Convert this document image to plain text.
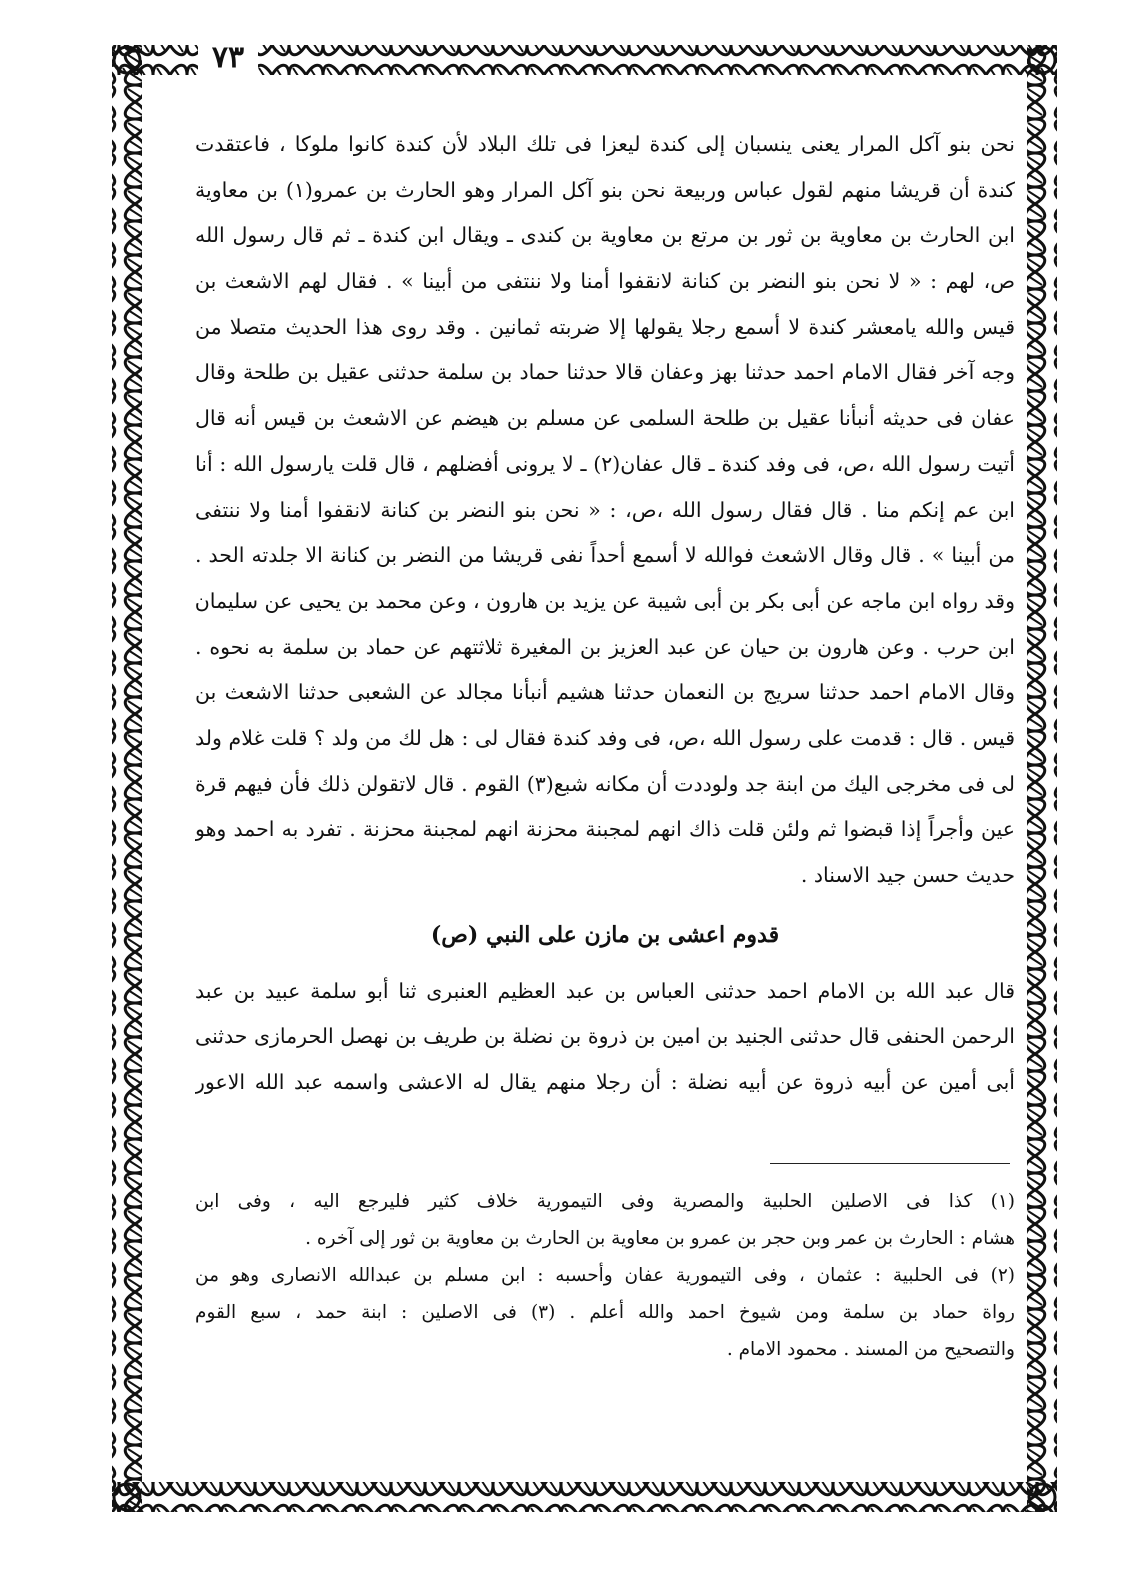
٧٣
نحن بنو آكل المرار يعنى ينسبان إلى كندة ليعزا فى تلك البلاد لأن كندة كانوا ملوكا ، فاعتقدت
كندة أن قريشا منهم لقول عباس وربيعة نحن بنو آكل المرار وهو الحارث بن عمرو(١) بن معاوية
ابن الحارث بن معاوية بن ثور بن مرتع بن معاوية بن كندى ـ ويقال ابن كندة ـ ثم قال رسول الله
ص، لهم : « لا نحن بنو النضر بن كنانة لانقفوا أمنا ولا ننتفى من أبينا » . فقال لهم الاشعث بن
قيس والله يامعشر كندة لا أسمع رجلا يقولها إلا ضربته ثمانين . وقد روى هذا الحديث متصلا من
وجه آخر فقال الامام احمد حدثنا بهز وعفان قالا حدثنا حماد بن سلمة حدثنى عقيل بن طلحة وقال
عفان فى حديثه أنبأنا عقيل بن طلحة السلمى عن مسلم بن هيضم عن الاشعث بن قيس أنه قال
أتيت رسول الله ،ص، فى وفد كندة ـ قال عفان(٢) ـ لا يرونى أفضلهم ، قال قلت يارسول الله : أنا
ابن عم إنكم منا . قال فقال رسول الله ،ص، : « نحن بنو النضر بن كنانة لانقفوا أمنا ولا ننتفى
من أبينا » . قال وقال الاشعث فوالله لا أسمع أحداً نفى قريشا من النضر بن كنانة الا جلدته الحد .
وقد رواه ابن ماجه عن أبى بكر بن أبى شيبة عن يزيد بن هارون ، وعن محمد بن يحيى عن سليمان
ابن حرب . وعن هارون بن حيان عن عبد العزيز بن المغيرة ثلاثتهم عن حماد بن سلمة به نحوه .
وقال الامام احمد حدثنا سريج بن النعمان حدثنا هشيم أنبأنا مجالد عن الشعبى حدثنا الاشعث بن
قيس . قال : قدمت على رسول الله ،ص، فى وفد كندة فقال لى : هل لك من ولد ؟ قلت غلام ولد
لى فى مخرجى اليك من ابنة جد ولوددت أن مكانه شبع(٣) القوم . قال لاتقولن ذلك فأن فيهم قرة
عين وأجراً إذا قبضوا ثم ولئن قلت ذاك انهم لمجبنة محزنة انهم لمجبنة محزنة . تفرد به احمد وهو
حديث حسن جيد الاسناد .
قدوم اعشى بن مازن على النبي (ص)
قال عبد الله بن الامام احمد حدثنى العباس بن عبد العظيم العنبرى ثنا أبو سلمة عبيد بن عبد
الرحمن الحنفى قال حدثنى الجنيد بن امين بن ذروة بن نضلة بن طريف بن نهصل الحرمازى حدثنى
أبى أمين عن أبيه ذروة عن أبيه نضلة : أن رجلا منهم يقال له الاعشى واسمه عبد الله الاعور
(١) كذا فى الاصلين الحلبية والمصرية وفى التيمورية خلاف كثير فليرجع اليه ، وفى ابن
هشام : الحارث بن عمر وبن حجر بن عمرو بن معاوية بن الحارث بن معاوية بن ثور إلى آخره .
(٢) فى الحلبية : عثمان ، وفى التيمورية عفان وأحسبه : ابن مسلم بن عبدالله الانصارى وهو من
رواة حماد بن سلمة ومن شيوخ احمد والله أعلم . (٣) فى الاصلين : ابنة حمد ، سبع القوم
والتصحيح من المسند . محمود الامام .
